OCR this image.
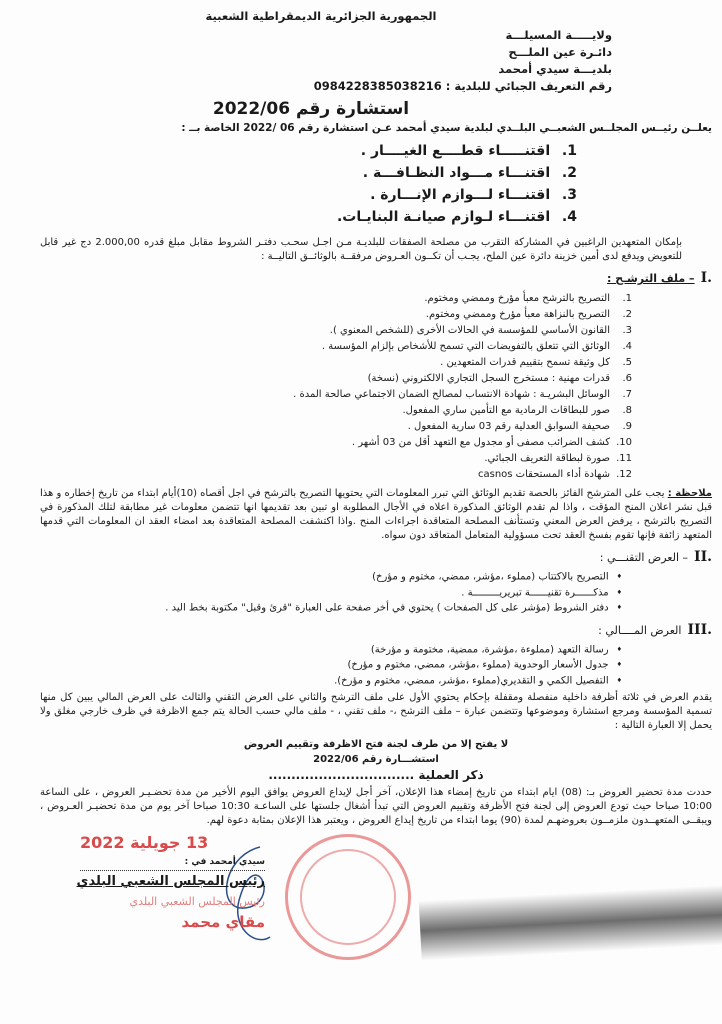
الجمهورية الجزائرية الديمقراطية الشعبية
ولايـــــة المسيلـــة
دائـرة عين الملـــح
بلديـــة سيدي أمحمد
رقم التعريف الجبائي للبلدية : 0984228385038216
استشارة رقم 2022/06
يعلــن رئيــس المجلــس الشعبــي البلــدي لبلدية سيدي أمحمد عـن استشارة رقم 06 /2022 الخاصة بــ :
1. اقتنـــــاء قطــــع الغيــــار .
2. اقتنـــاء مـــواد النظـافـــة .
3. اقتنـــاء لـــوازم الإنـــارة .
4. اقتنـــاء لـوازم صيانـة البنايـات.
بإمكان المتعهدين الراغبين في المشاركة التقرب من مصلحة الصفقات للبلديـة مـن اجـل سحـب دفتـر الشروط مقابل مبلغ قدره 2.000,00 دج غير قابل للتعويض ويدفع لدى أمين خزينة دائرة عين الملح، يجـب أن تكــون العـروض مرفقــة بالوثائــق التاليــة :
I.– ملف الترشـح :
1.التصريح بالترشح معبأ مؤرخ وممضي ومختوم.
2.التصريح بالنزاهة معبأ مؤرخ وممضي ومختوم.
3.القانون الأساسي للمؤسسة في الحالات الأخرى (للشخص المعنوي ).
4.الوثائق التي تتعلق بالتفويضات التي تسمح للأشخاص بإلزام المؤسسة .
5.كل وثيقة تسمح بتقييم قدرات المتعهدين .
6.قدرات مهنية : مستخرج السجل التجاري الالكتروني (نسخة)
7.الوسائل البشريـة : شهادة الانتساب لمصالح الضمان الاجتماعي صالحة المدة .
8.صور للبطاقات الرمادية مع التأمين ساري المفعول.
9.صحيفة السوابق العدلية رقم 03 سارية المفعول .
10.كشف الضرائب مصفى أو مجدول مع التعهد أقل من 03 أشهر .
11.صورة لبطاقة التعريف الجبائي.
12.شهادة أداء المستحقات casnos
ملاحظة : يجب على المترشح الفائز بالحصة تقديم الوثائق التي تبرر المعلومات التي يحتويها التصريح بالترشح في اجل أقصاه (10)أيام ابتداء من تاريخ إخطاره و هذا قبل نشر اعلان المنح المؤقت ، واذا لم تقدم الوثائق المذكورة اعلاه في الأجال المطلوبة او تبين بعد تقديمها انها تتضمن معلومات غير مطابقة لتلك المذكورة في التصريح بالترشح ، يرفض العرض المعني وتستأنف المصلحة المتعاقدة اجراءات المنح .واذا اكتشفت المصلحة المتعاقدة بعد امضاء العقد ان المعلومات التي قدمها المتعهد زائفة فإنها تقوم بفسخ العقد تحت مسؤولية المتعامل المتعاقد دون سواه.
II.– العرض التقنـــي :
♦ التصريح بالاكتتاب (مملوء ،مؤشر، ممضي، مختوم و مؤرخ)
♦ مذكــــــرة تقنيــــــة تبريريـــــــــة .
♦ دفتر الشروط (مؤشر على كل الصفحات ) يحتوي في أخر صفحة على العبارة "قرئ وقبل" مكتوبة بخط اليد .
III.العرض المــــالي :
♦ رسالة التعهد (مملوءة ،مؤشرة، ممضية، مختومة و مؤرخة)
♦ جدول الأسعار الوحدوية (مملوء ،مؤشر، ممضي، مختوم و مؤرخ)
♦ التفصيل الكمي و التقديري(مملوء ،مؤشر، ممضي، مختوم و مؤرخ).
يقدم العرض في ثلاثة أظرفة داخلية منفصلة ومقفلة بإحكام يحتوي الأول على ملف الترشح والثاني على العرض التقني والثالث على العرض المالي يبين كل منها تسمية المؤسسة ومرجع استشارة وموضوعها وتتضمن عبارة – ملف الترشح ،- ملف تقني ، - ملف مالي حسب الحالة يتم جمع الاظرفة في ظرف خارجي مغلق ولا يحمل إلا العبارة التالية :
لا يفتح إلا من طرف لجنة فتح الاظرفة وتقييم العروض
استشـــارة رقم 2022/06
ذكر العملية ................................
حددت مدة تحضير العروض بـ: (08) ايام ابتداء من تاريخ إمضاء هذا الإعلان، آخر أجل لإيداع العروض يوافق اليوم الأخير من مدة تحضـيـر العروض ، على الساعة 10:00 صباحا حيث تودع العروض إلى لجنة فتح الأظرفة وتقييم العروض التي تبدأ أشغال جلستها على الساعـة 10:30 صباحا آخر يوم من مدة تحضيـر العـروض ، ويبقــى المتعهــدون ملزمــون بعروضهـم لمدة (90) يوما ابتداء من تاريخ إيداع العروض ، ويعتبر هذا الإعلان بمثابة دعوة لهم.
13 جويلية 2022
سيدي أمحمد في :
رئيس المجلس الشعبي البلدي
رئيس المجلس الشعبي البلدي
مقاي محمد
